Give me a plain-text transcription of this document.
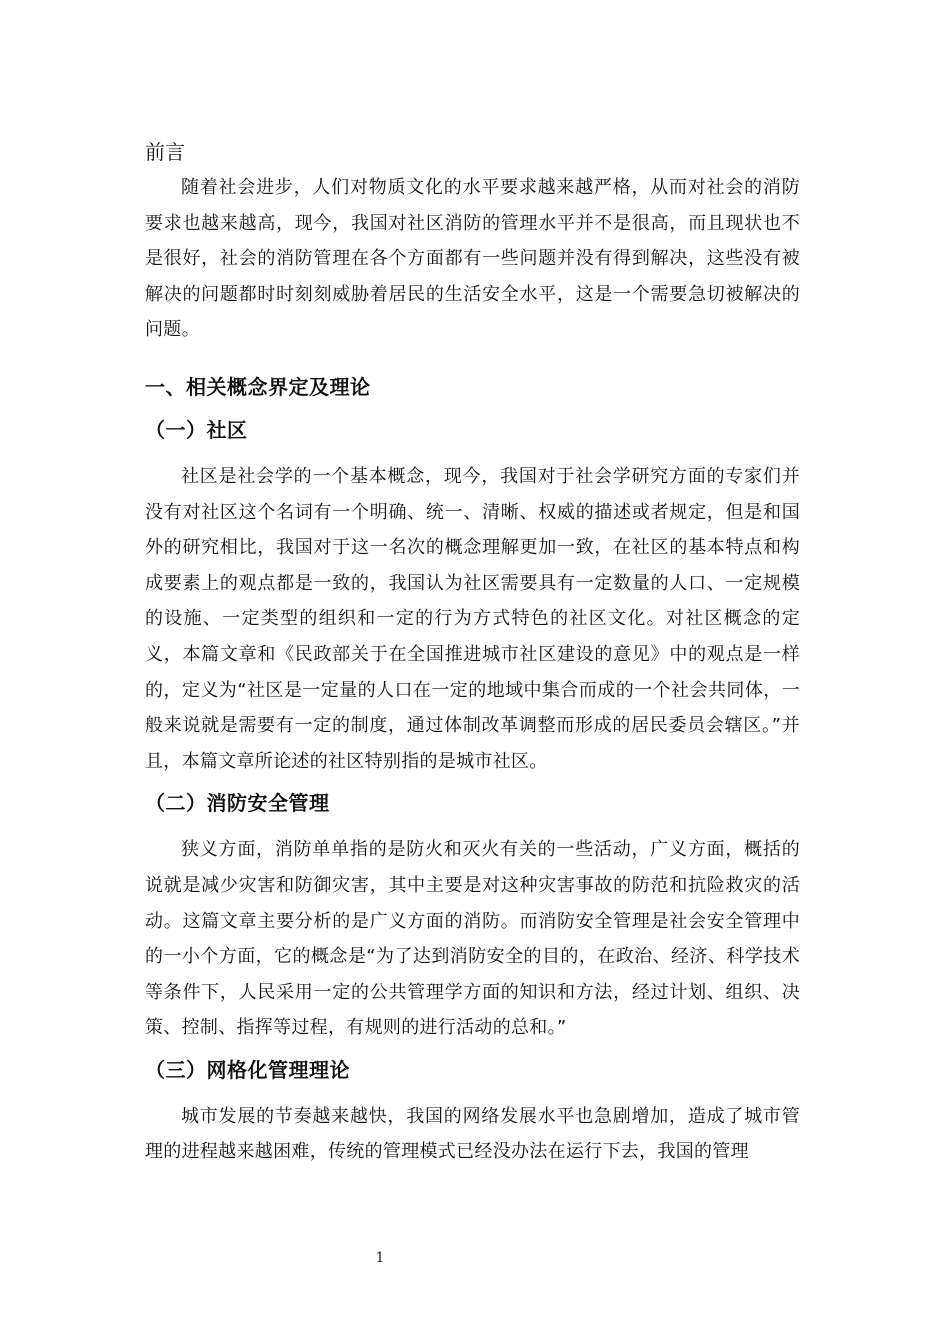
前言

随着社会进步，人们对物质文化的水平要求越来越严格，从而对社会的消防要求也越来越高，现今，我国对社区消防的管理水平并不是很高，而且现状也不是很好，社会的消防管理在各个方面都有一些问题并没有得到解决，这些没有被解决的问题都时时刻刻威胁着居民的生活安全水平，这是一个需要急切被解决的问题。

一、相关概念界定及理论
（一）社区

社区是社会学的一个基本概念，现今，我国对于社会学研究方面的专家们并没有对社区这个名词有一个明确、统一、清晰、权威的描述或者规定，但是和国外的研究相比，我国对于这一名次的概念理解更加一致，在社区的基本特点和构成要素上的观点都是一致的，我国认为社区需要具有一定数量的人口、一定规模的设施、一定类型的组织和一定的行为方式特色的社区文化。对社区概念的定义，本篇文章和《民政部关于在全国推进城市社区建设的意见》中的观点是一样的，定义为“社区是一定量的人口在一定的地域中集合而成的一个社会共同体，一般来说就是需要有一定的制度，通过体制改革调整而形成的居民委员会辖区。”并且，本篇文章所论述的社区特别指的是城市社区。

（二）消防安全管理

狭义方面，消防单单指的是防火和灭火有关的一些活动，广义方面，概括的说就是减少灾害和防御灾害，其中主要是对这种灾害事故的防范和抗险救灾的活动。这篇文章主要分析的是广义方面的消防。而消防安全管理是社会安全管理中的一小个方面，它的概念是“为了达到消防安全的目的，在政治、经济、科学技术等条件下，人民采用一定的公共管理学方面的知识和方法，经过计划、组织、决策、控制、指挥等过程，有规则的进行活动的总和。”

（三）网格化管理理论

城市发展的节奏越来越快，我国的网络发展水平也急剧增加，造成了城市管理的进程越来越困难，传统的管理模式已经没办法在运行下去，我国的管理

1
